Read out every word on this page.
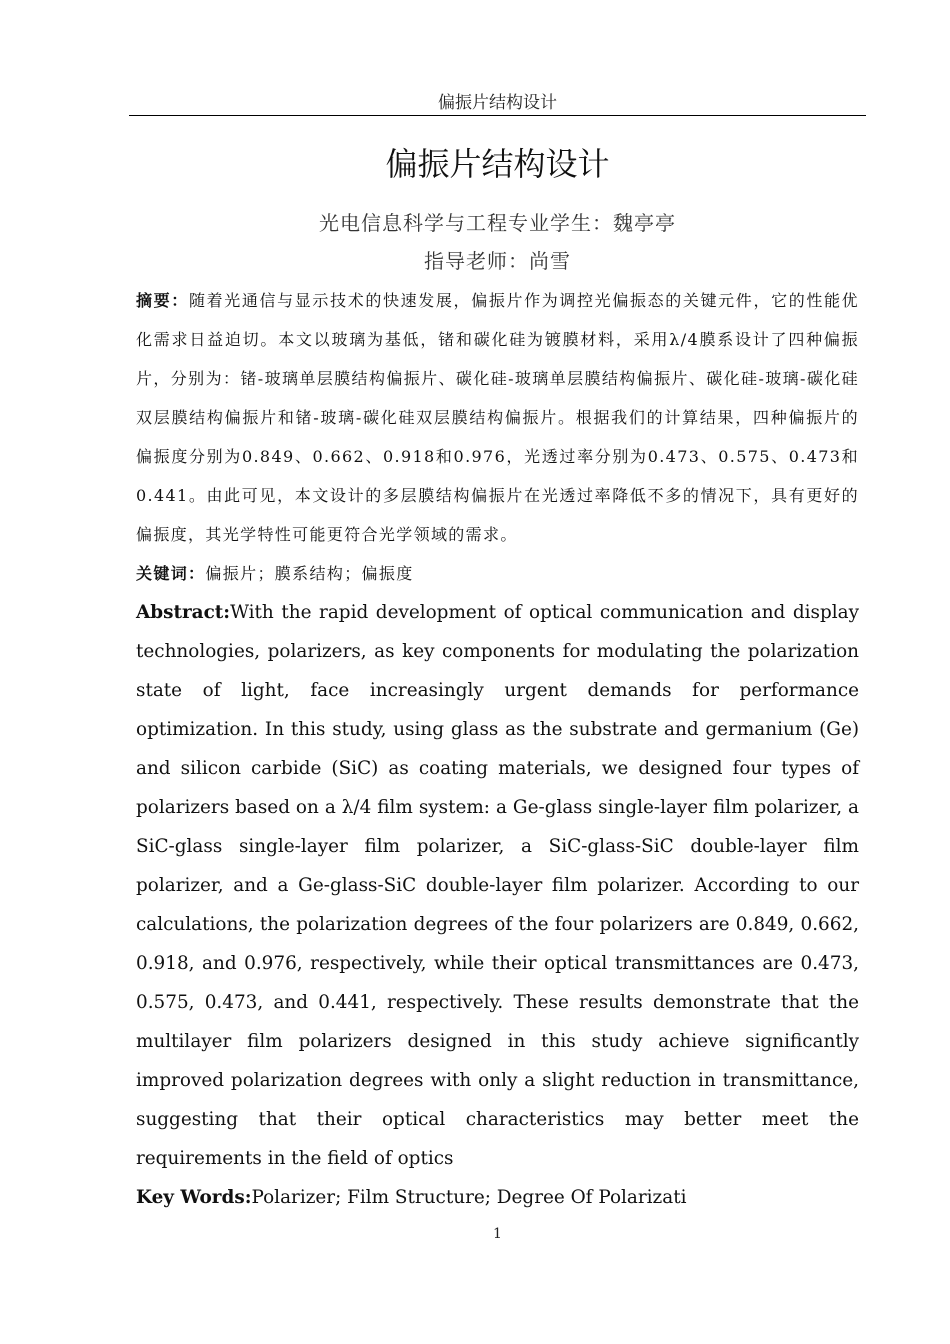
偏振片结构设计
偏振片结构设计
光电信息科学与工程专业学生：魏亭亭
指导老师：尚雪

摘要：随着光通信与显示技术的快速发展，偏振片作为调控光偏振态的关键元件，它的性能优化需求日益迫切。本文以玻璃为基低，锗和碳化硅为镀膜材料，采用λ/4膜系设计了四种偏振片，分别为：锗-玻璃单层膜结构偏振片、碳化硅-玻璃单层膜结构偏振片、碳化硅-玻璃-碳化硅双层膜结构偏振片和锗-玻璃-碳化硅双层膜结构偏振片。根据我们的计算结果，四种偏振片的偏振度分别为0.849、0.662、0.918和0.976，光透过率分别为0.473、0.575、0.473和0.441。由此可见，本文设计的多层膜结构偏振片在光透过率降低不多的情况下，具有更好的偏振度，其光学特性可能更符合光学领域的需求。

关键词：偏振片；膜系结构；偏振度

Abstract:With the rapid development of optical communication and display technologies, polarizers, as key components for modulating the polarization state of light, face increasingly urgent demands for performance optimization. In this study, using glass as the substrate and germanium (Ge) and silicon carbide (SiC) as coating materials, we designed four types of polarizers based on a λ/4 film system: a Ge-glass single-layer film polarizer, a SiC-glass single-layer film polarizer, a SiC-glass-SiC double-layer film polarizer, and a Ge-glass-SiC double-layer film polarizer. According to our calculations, the polarization degrees of the four polarizers are 0.849, 0.662, 0.918, and 0.976, respectively, while their optical transmittances are 0.473, 0.575, 0.473, and 0.441, respectively. These results demonstrate that the multilayer film polarizers designed in this study achieve significantly improved polarization degrees with only a slight reduction in transmittance, suggesting that their optical characteristics may better meet the requirements in the field of optics

Key Words:Polarizer; Film Structure; Degree Of Polarizati

1
